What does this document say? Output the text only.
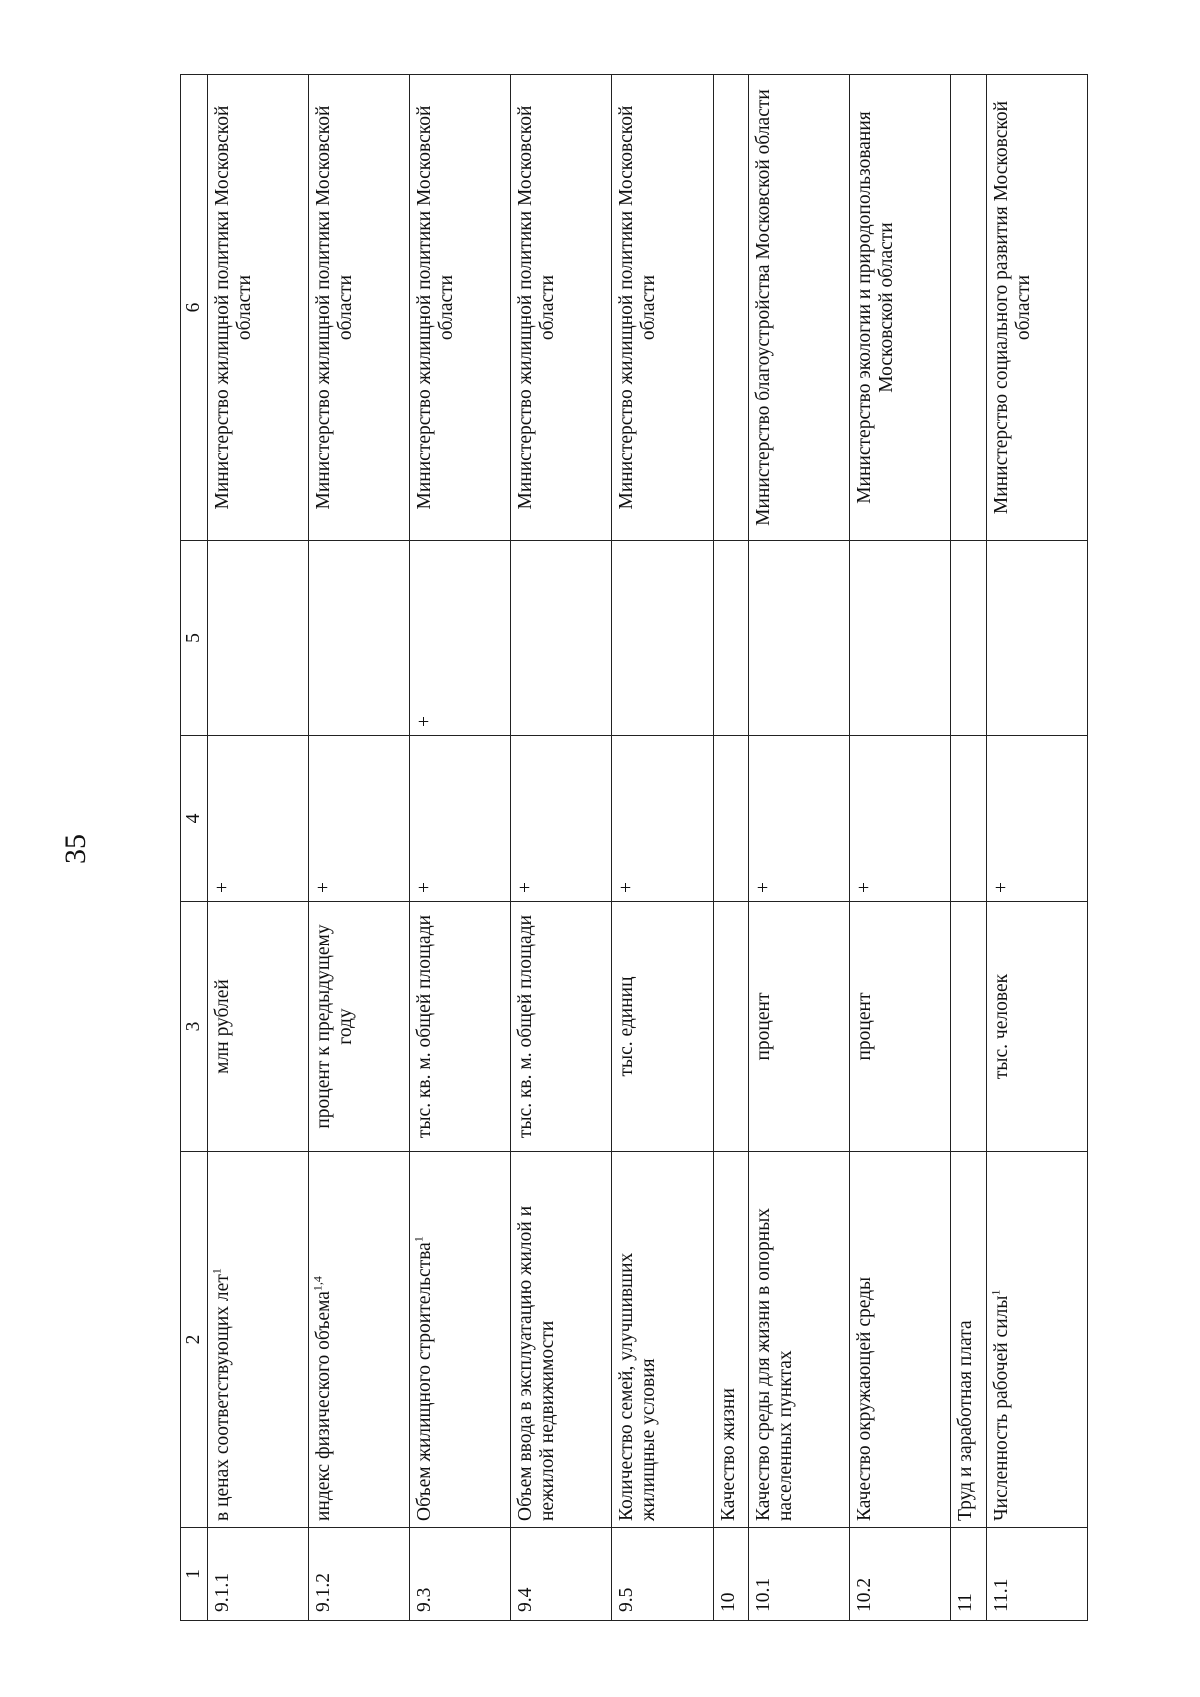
35
1	2	3	4	5	6
9.1.1	в ценах соответствующих лет$^1$	млн рублей	+		Министерство жилищной политики Московской области
9.1.2	индекс физического объема$^{1,4}$	процент к предыдущему году	+		Министерство жилищной политики Московской области
9.3	Объем жилищного строительства$^1$	тыс. кв. м. общей площади	+	+	Министерство жилищной политики Московской области
9.4	Объем ввода в эксплуатацию жилой и нежилой недвижимости	тыс. кв. м. общей площади	+		Министерство жилищной политики Московской области
9.5	Количество семей, улучшивших жилищные условия	тыс. единиц	+		Министерство жилищной политики Московской области
10	Качество жизни				
10.1	Качество среды для жизни в опорных населенных пунктах	процент	+		Министерство благоустройства Московской области
10.2	Качество окружающей среды	процент	+		Министерство экологии и природопользования Московской области
11	Труд и заработная плата				
11.1	Численность рабочей силы$^1$	тыс. человек	+		Министерство социального развития Московской области
